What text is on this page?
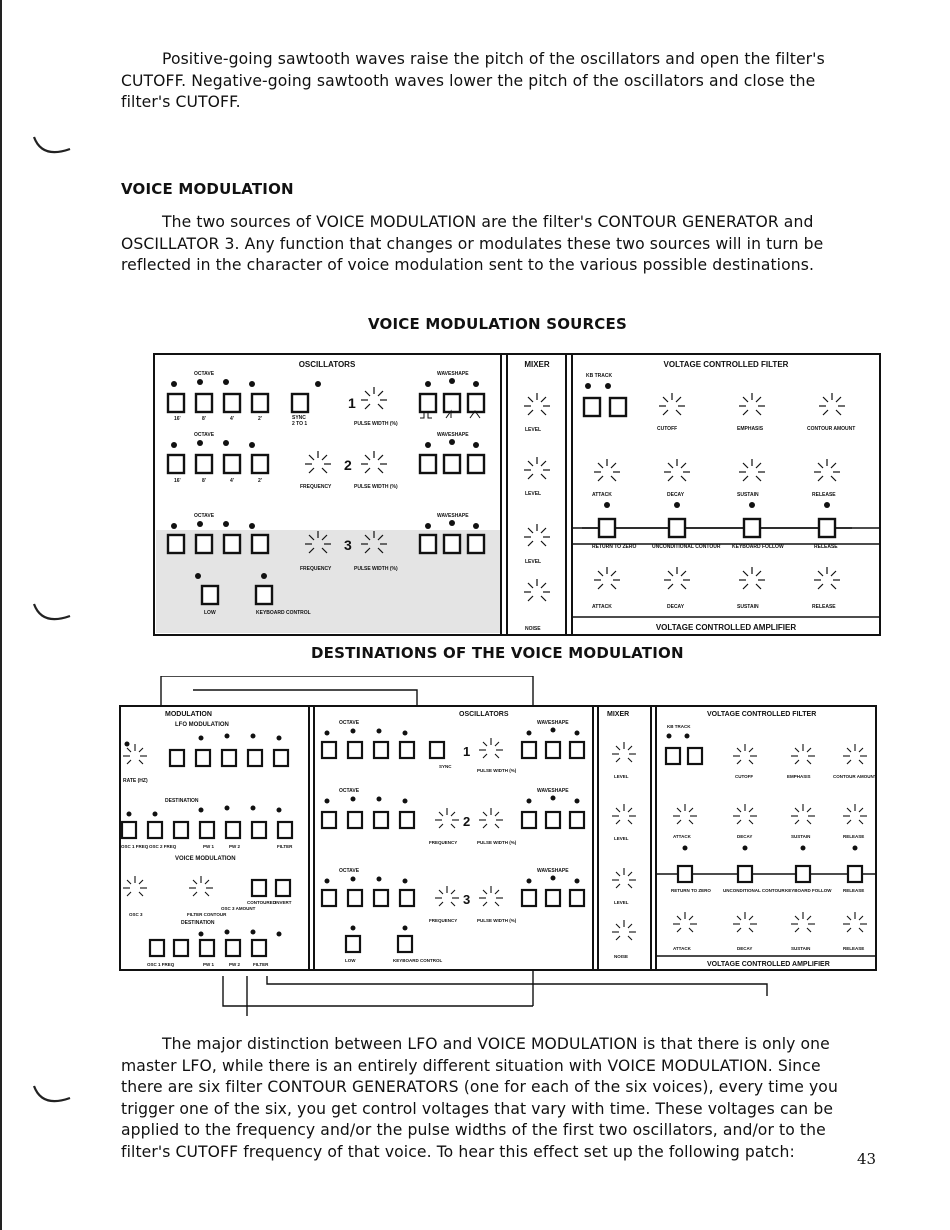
Positive-going sawtooth waves raise the pitch of the oscillators and open the filter's CUTOFF. Negative-going sawtooth waves lower the pitch of the oscillators and close the filter's CUTOFF.

VOICE MODULATION

The two sources of VOICE MODULATION are the filter's CONTOUR GENERATOR and OSCILLATOR 3. Any function that changes or modulates these two sources will in turn be reflected in the character of voice modulation sent to the various possible destinations.

VOICE MODULATION SOURCES
OSCILLATORS	MIXER	VOLTAGE CONTROLLED FILTER
VOLTAGE CONTROLLED AMPLIFIER
OCTAVE	WAVESHAPE
1
16'	8'	4'	2'	SYNC
2 TO 1	PULSE WIDTH (%)
OCTAVE	WAVESHAPE
2
16'	8'	4'	2'
FREQUENCY	PULSE WIDTH (%)
OCTAVE	WAVESHAPE
3
FREQUENCY	PULSE WIDTH (%)
LOW	KEYBOARD CONTROL
LEVEL
LEVEL
LEVEL
NOISE
KB TRACK
CUTOFF	EMPHASIS	CONTOUR AMOUNT
ATTACK	DECAY	SUSTAIN	RELEASE
RETURN TO ZERO	UNCONDITIONAL CONTOUR KEYBOARD FOLLOW	RELEASE
ATTACK	DECAY	SUSTAIN	RELEASE
DESTINATIONS OF THE VOICE MODULATION
MODULATION
LFO MODULATION
OSCILLATORS	MIXER	VOLTAGE CONTROLLED FILTER
VOLTAGE CONTROLLED AMPLIFIER
RATE (HZ)
DESTINATION
OSC 1 FREQ OSC 2 FREQ	PW 1	PW 2	FILTER
VOICE MODULATION
OSC 3	FILTER CONTOUR
OSC 3 AMOUNT
CONTOURED INVERT
DESTINATION
OSC 1 FREQ	PW 1	PW 2	FILTER
OCTAVE	WAVESHAPE
1
SYNC
PULSE WIDTH (%)
OCTAVE	WAVESHAPE
2
FREQUENCY	PULSE WIDTH (%)
OCTAVE	WAVESHAPE
3
FREQUENCY	PULSE WIDTH (%)
LOW	KEYBOARD CONTROL
LEVEL
LEVEL
LEVEL
NOISE
KB TRACK
CUTOFF	EMPHASIS	CONTOUR AMOUNT
ATTACK	DECAY	SUSTAIN	RELEASE
RETURN TO ZERO	UNCONDITIONAL CONTOUR KEYBOARD FOLLOW	RELEASE
ATTACK	DECAY	SUSTAIN	RELEASE

The major distinction between LFO and VOICE MODULATION is that there is only one master LFO, while there is an entirely different situation with VOICE MODULATION. Since there are six filter CONTOUR GENERATORS (one for each of the six voices), every time you trigger one of the six, you get control voltages that vary with time. These voltages can be applied to the frequency and/or the pulse widths of the first two oscillators, and/or to the filter's CUTOFF frequency of that voice. To hear this effect set up the following patch:	43
